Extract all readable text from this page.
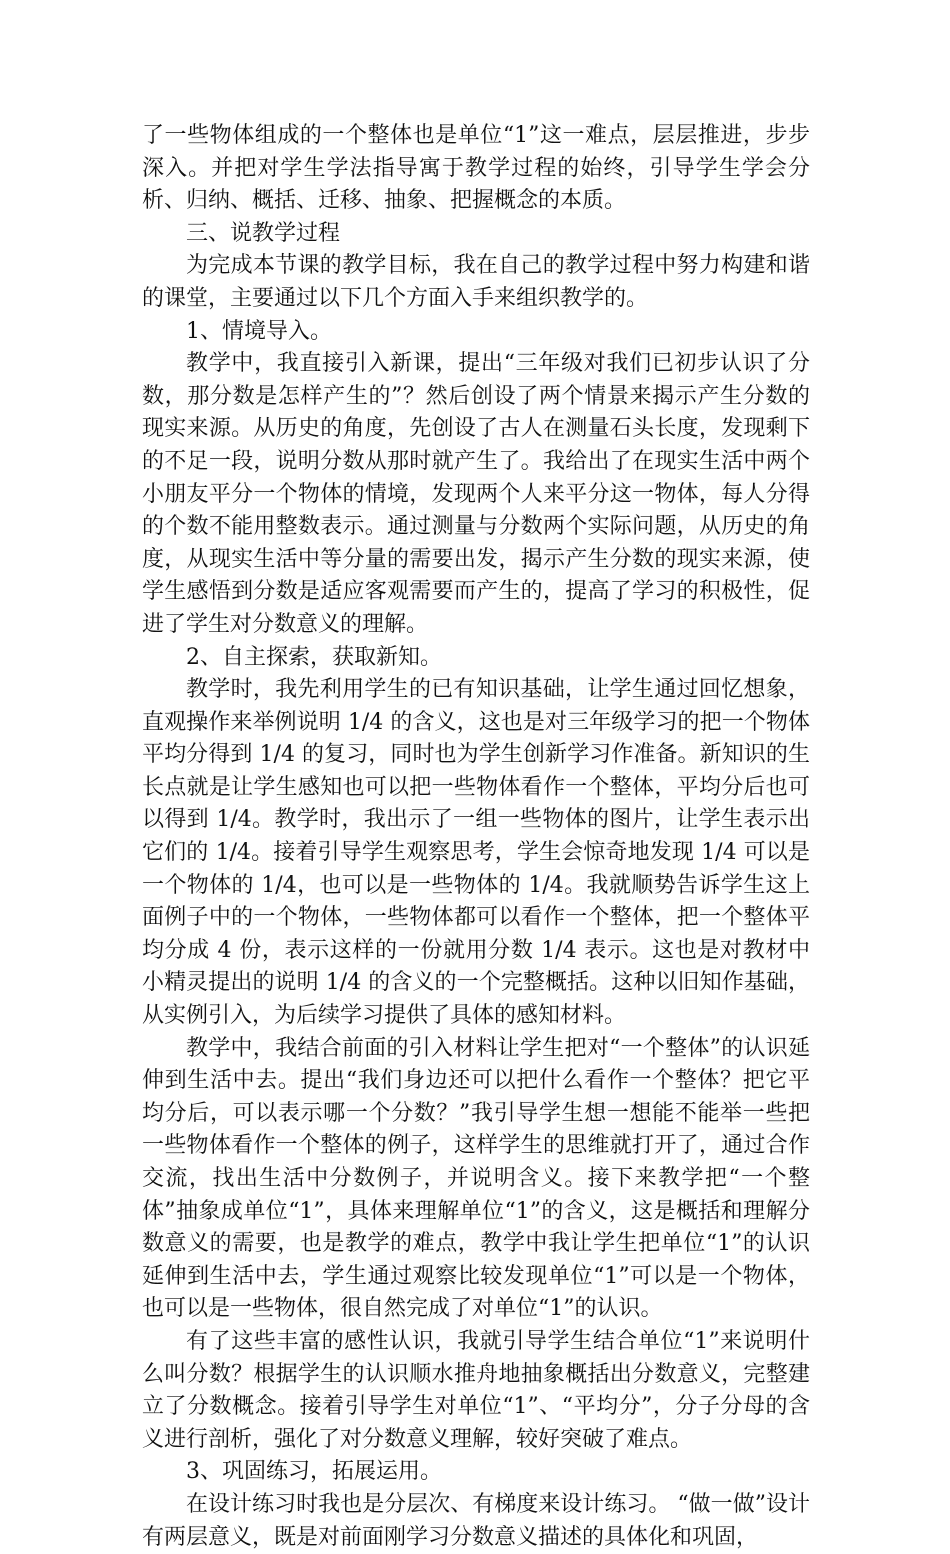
了一些物体组成的一个整体也是单位“1”这一难点，层层推进，步步深入。并把对学生学法指导寓于教学过程的始终，引导学生学会分析、归纳、概括、迁移、抽象、把握概念的本质。

三、说教学过程

为完成本节课的教学目标，我在自己的教学过程中努力构建和谐的课堂，主要通过以下几个方面入手来组织教学的。

1、情境导入。

教学中，我直接引入新课，提出“三年级对我们已初步认识了分数，那分数是怎样产生的”？然后创设了两个情景来揭示产生分数的现实来源。从历史的角度，先创设了古人在测量石头长度，发现剩下的不足一段，说明分数从那时就产生了。我给出了在现实生活中两个小朋友平分一个物体的情境，发现两个人来平分这一物体，每人分得的个数不能用整数表示。通过测量与分数两个实际问题，从历史的角度，从现实生活中等分量的需要出发，揭示产生分数的现实来源，使学生感悟到分数是适应客观需要而产生的，提高了学习的积极性，促进了学生对分数意义的理解。

2、自主探索，获取新知。

教学时，我先利用学生的已有知识基础，让学生通过回忆想象，直观操作来举例说明 1/4 的含义，这也是对三年级学习的把一个物体平均分得到 1/4 的复习，同时也为学生创新学习作准备。新知识的生长点就是让学生感知也可以把一些物体看作一个整体，平均分后也可以得到 1/4。教学时，我出示了一组一些物体的图片，让学生表示出它们的 1/4。接着引导学生观察思考，学生会惊奇地发现 1/4 可以是一个物体的 1/4，也可以是一些物体的 1/4。我就顺势告诉学生这上面例子中的一个物体，一些物体都可以看作一个整体，把一个整体平均分成 4 份，表示这样的一份就用分数 1/4 表示。这也是对教材中小精灵提出的说明 1/4 的含义的一个完整概括。这种以旧知作基础，从实例引入，为后续学习提供了具体的感知材料。

教学中，我结合前面的引入材料让学生把对“一个整体”的认识延伸到生活中去。提出“我们身边还可以把什么看作一个整体？把它平均分后，可以表示哪一个分数？”我引导学生想一想能不能举一些把一些物体看作一个整体的例子，这样学生的思维就打开了，通过合作交流，找出生活中分数例子，并说明含义。接下来教学把“一个整体”抽象成单位“1”，具体来理解单位“1”的含义，这是概括和理解分数意义的需要，也是教学的难点，教学中我让学生把单位“1”的认识延伸到生活中去，学生通过观察比较发现单位“1”可以是一个物体，也可以是一些物体，很自然完成了对单位“1”的认识。

有了这些丰富的感性认识，我就引导学生结合单位“1”来说明什么叫分数？根据学生的认识顺水推舟地抽象概括出分数意义，完整建立了分数概念。接着引导学生对单位“1”、“平均分”，分子分母的含义进行剖析，强化了对分数意义理解，较好突破了难点。

3、巩固练习，拓展运用。

在设计练习时我也是分层次、有梯度来设计练习。 “做一做”设计有两层意义，既是对前面刚学习分数意义描述的具体化和巩固，
